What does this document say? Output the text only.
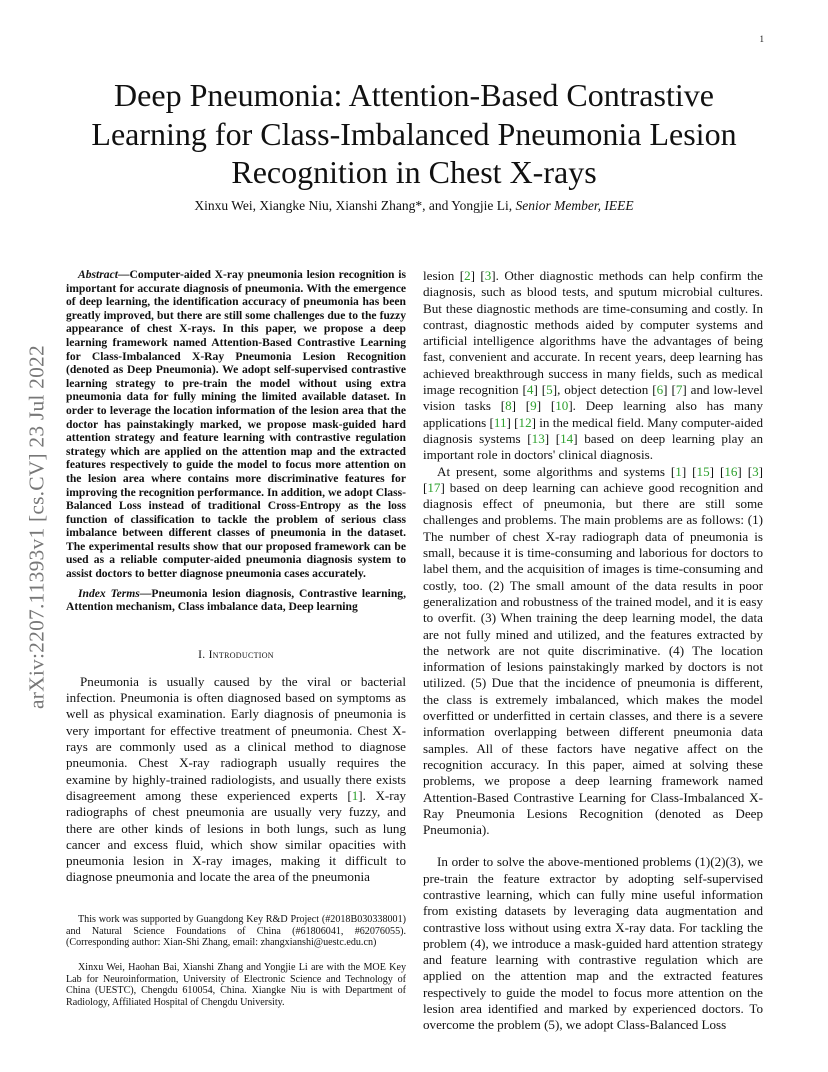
1
arXiv:2207.11393v1 [cs.CV] 23 Jul 2022
Deep Pneumonia: Attention-Based Contrastive Learning for Class-Imbalanced Pneumonia Lesion Recognition in Chest X-rays
Xinxu Wei, Xiangke Niu, Xianshi Zhang*, and Yongjie Li, Senior Member, IEEE

Abstract—Computer-aided X-ray pneumonia lesion recognition is important for accurate diagnosis of pneumonia. With the emergence of deep learning, the identification accuracy of pneumonia has been greatly improved, but there are still some challenges due to the fuzzy appearance of chest X-rays. In this paper, we propose a deep learning framework named Attention-Based Contrastive Learning for Class-Imbalanced X-Ray Pneumonia Lesion Recognition (denoted as Deep Pneumonia). We adopt self-supervised contrastive learning strategy to pre-train the model without using extra pneumonia data for fully mining the limited available dataset. In order to leverage the location information of the lesion area that the doctor has painstakingly marked, we propose mask-guided hard attention strategy and feature learning with contrastive regulation strategy which are applied on the attention map and the extracted features respectively to guide the model to focus more attention on the lesion area where contains more discriminative features for improving the recognition performance. In addition, we adopt Class-Balanced Loss instead of traditional Cross-Entropy as the loss function of classification to tackle the problem of serious class imbalance between different classes of pneumonia in the dataset. The experimental results show that our proposed framework can be used as a reliable computer-aided pneumonia diagnosis system to assist doctors to better diagnose pneumonia cases accurately.

Index Terms—Pneumonia lesion diagnosis, Contrastive learning, Attention mechanism, Class imbalance data, Deep learning

I. Introduction

Pneumonia is usually caused by the viral or bacterial infection. Pneumonia is often diagnosed based on symptoms as well as physical examination. Early diagnosis of pneumonia is very important for effective treatment of pneumonia. Chest X-rays are commonly used as a clinical method to diagnose pneumonia. Chest X-ray radiograph usually requires the examine by highly-trained radiologists, and usually there exists disagreement among these experienced experts [1]. X-ray radiographs of chest pneumonia are usually very fuzzy, and there are other kinds of lesions in both lungs, such as lung cancer and excess fluid, which show similar opacities with pneumonia lesion in X-ray images, making it difficult to diagnose pneumonia and locate the area of the pneumonia

This work was supported by Guangdong Key R&D Project (#2018B030338001) and Natural Science Foundations of China (#61806041, #62076055). (Corresponding author: Xian-Shi Zhang, email: zhangxianshi@uestc.edu.cn)
Xinxu Wei, Haohan Bai, Xianshi Zhang and Yongjie Li are with the MOE Key Lab for Neuroinformation, University of Electronic Science and Technology of China (UESTC), Chengdu 610054, China. Xiangke Niu is with Department of Radiology, Affiliated Hospital of Chengdu University.

lesion [2] [3]. Other diagnostic methods can help confirm the diagnosis, such as blood tests, and sputum microbial cultures. But these diagnostic methods are time-consuming and costly. In contrast, diagnostic methods aided by computer systems and artificial intelligence algorithms have the advantages of being fast, convenient and accurate. In recent years, deep learning has achieved breakthrough success in many fields, such as medical image recognition [4] [5], object detection [6] [7] and low-level vision tasks [8] [9] [10]. Deep learning also has many applications [11] [12] in the medical field. Many computer-aided diagnosis systems [13] [14] based on deep learning play an important role in doctors' clinical diagnosis.

At present, some algorithms and systems [1] [15] [16] [3] [17] based on deep learning can achieve good recognition and diagnosis effect of pneumonia, but there are still some challenges and problems. The main problems are as follows: (1) The number of chest X-ray radiograph data of pneumonia is small, because it is time-consuming and laborious for doctors to label them, and the acquisition of images is time-consuming and costly, too. (2) The small amount of the data results in poor generalization and robustness of the trained model, and it is easy to overfit. (3) When training the deep learning model, the data are not fully mined and utilized, and the features extracted by the network are not quite discriminative. (4) The location information of lesions painstakingly marked by doctors is not utilized. (5) Due that the incidence of pneumonia is different, the class is extremely imbalanced, which makes the model overfitted or underfitted in certain classes, and there is a severe information overlapping between different pneumonia data samples. All of these factors have negative affect on the recognition accuracy. In this paper, aimed at solving these problems, we propose a deep learning framework named Attention-Based Contrastive Learning for Class-Imbalanced X-Ray Pneumonia Lesions Recognition (denoted as Deep Pneumonia).

In order to solve the above-mentioned problems (1)(2)(3), we pre-train the feature extractor by adopting self-supervised contrastive learning, which can fully mine useful information from existing datasets by leveraging data augmentation and contrastive loss without using extra X-ray data. For tackling the problem (4), we introduce a mask-guided hard attention strategy and feature learning with contrastive regulation which are applied on the attention map and the extracted features respectively to guide the model to focus more attention on the lesion area identified and marked by experienced doctors. To overcome the problem (5), we adopt Class-Balanced Loss
